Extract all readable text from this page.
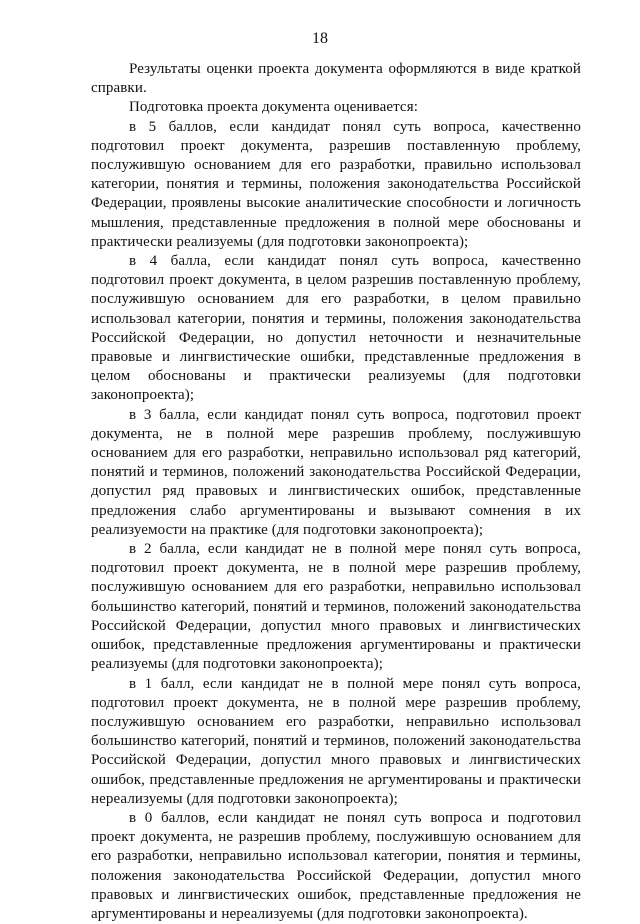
18

Результаты оценки проекта документа оформляются в виде краткой справки.

Подготовка проекта документа оценивается:

в 5 баллов, если кандидат понял суть вопроса, качественно подготовил проект документа, разрешив поставленную проблему, послужившую основанием для его разработки, правильно использовал категории, понятия и термины, положения законодательства Российской Федерации, проявлены высокие аналитические способности и логичность мышления, представленные предложения в полной мере обоснованы и практически реализуемы (для подготовки законопроекта);

в 4 балла, если кандидат понял суть вопроса, качественно подготовил проект документа, в целом разрешив поставленную проблему, послужившую основанием для его разработки, в целом правильно использовал категории, понятия и термины, положения законодательства Российской Федерации, но допустил неточности и незначительные правовые и лингвистические ошибки, представленные предложения в целом обоснованы и практически реализуемы (для подготовки законопроекта);

в 3 балла, если кандидат понял суть вопроса, подготовил проект документа, не в полной мере разрешив проблему, послужившую основанием для его разработки, неправильно использовал ряд категорий, понятий и терминов, положений законодательства Российской Федерации, допустил ряд правовых и лингвистических ошибок, представленные предложения слабо аргументированы и вызывают сомнения в их реализуемости на практике (для подготовки законопроекта);

в 2 балла, если кандидат не в полной мере понял суть вопроса, подготовил проект документа, не в полной мере разрешив проблему, послужившую основанием для его разработки, неправильно использовал большинство категорий, понятий и терминов, положений законодательства Российской Федерации, допустил много правовых и лингвистических ошибок, представленные предложения аргументированы и практически реализуемы (для подготовки законопроекта);

в 1 балл, если кандидат не в полной мере понял суть вопроса, подготовил проект документа, не в полной мере разрешив проблему, послужившую основанием его разработки, неправильно использовал большинство категорий, понятий и терминов, положений законодательства Российской Федерации, допустил много правовых и лингвистических ошибок, представленные предложения не аргументированы и практически нереализуемы (для подготовки законопроекта);

в 0 баллов, если кандидат не понял суть вопроса и подготовил проект документа, не разрешив проблему, послужившую основанием для его разработки, неправильно использовал категории, понятия и термины, положения законодательства Российской Федерации, допустил много правовых и лингвистических ошибок, представленные предложения не аргументированы и нереализуемы (для подготовки законопроекта).
